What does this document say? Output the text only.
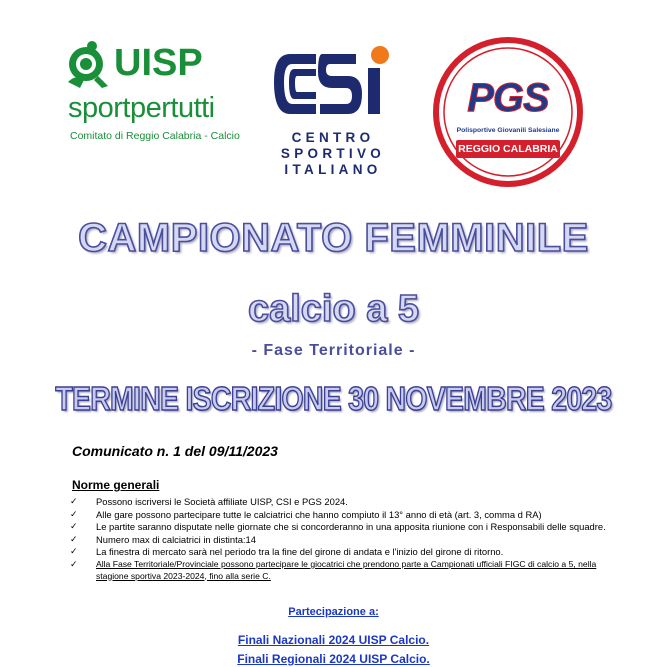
UISP
sportpertutti
Comitato di Reggio Calabria - Calcio	CENTRO
SPORTIVO
ITALIANO
PGS
Polisportive Giovanili Salesiane
REGGIO CALABRIA
CAMPIONATO FEMMINILE
calcio a 5
- Fase Territoriale -
TERMINE ISCRIZIONE 30 NOVEMBRE 2023
Comunicato n. 1 del 09/11/2023
Norme generali
✓ Possono iscriversi le Società affiliate UISP, CSI e PGS 2024.
✓ Alle gare possono partecipare tutte le calciatrici che hanno compiuto il 13° anno di età (art. 3, comma d RA)
✓ Le partite saranno disputate nelle giornate che si concorderanno in una apposita riunione con i Responsabili delle squadre.
✓ Numero max di calciatrici in distinta:14
✓ La finestra di mercato sarà nel periodo tra la fine del girone di andata e l'inizio del girone di ritorno.
✓ Alla Fase Territoriale/Provinciale possono partecipare le giocatrici che prendono parte a Campionati ufficiali FIGC di calcio a 5, nella stagione sportiva 2023-2024, fino alla serie C.
Partecipazione a:
Finali Nazionali 2024 UISP Calcio.
Finali Regionali 2024 UISP Calcio.
